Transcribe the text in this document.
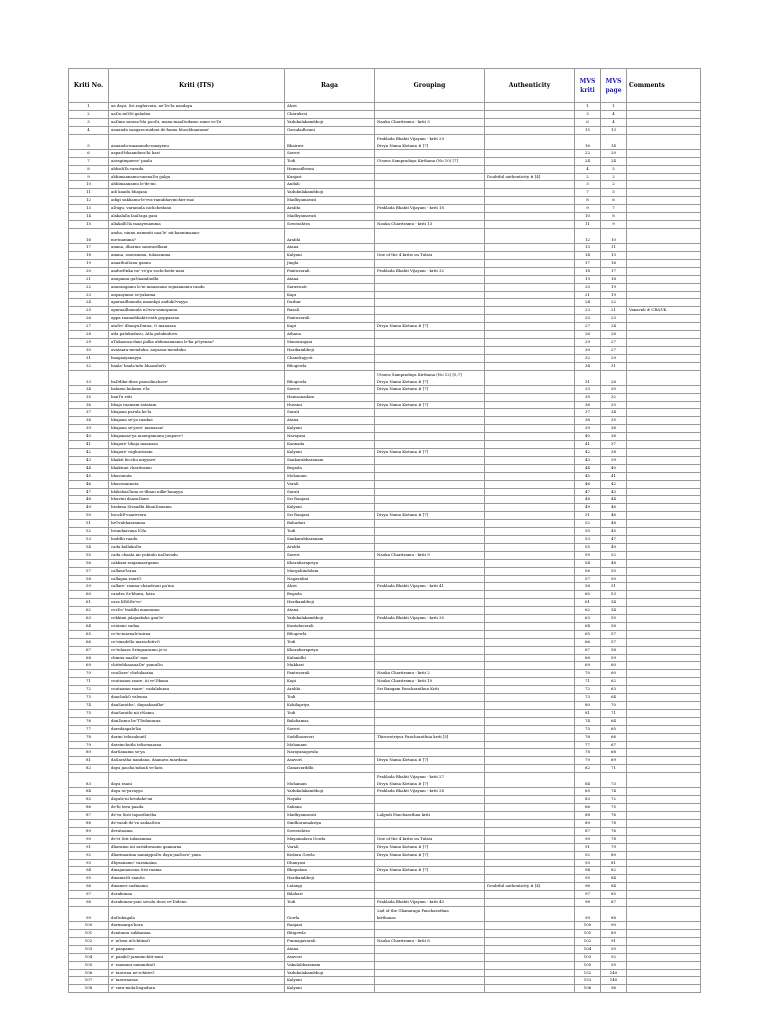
Kriti No.	Kriti (ITS)	Raga	Grouping	Authenticity	MVS kriti	MVS page	Comments
1	aa daya, Sri raghuvara, ne'De'la naadaya	Ahiri			1	1	
2	aaDa mODi galadaa	Charukesi			3	4	
3	aaDina sarasa'Ma pooDi, mana-maaDudamo ramo ve'Di	Yadukulakambhoji	Nauka Charitramu - kriti 3		6	4	
4	aananda saagara-mideni de'hamu bhoobhaarame'	Garudadhvani			15	13	
5	aananda-maanandu-maayenu	Bhairavi	Prahlada Bhakti Vijayam - kriti 29
Divya Nama Kirtana # [7]		16	14	
6	aapad-bhaandava'hi hari	Saveri			22	20	
7	aaragimpavee' paalu	Todi	Utsava Sampradaya Kirthana (No 10) [7]		24	24	
8	abhishTa varada	Hamsadhvani			4	5	
9	abhimaanamu-nnenaDu galgu	Kunjari		Doubtful authenticity # [4]	2	2	
10	abhimaanamu le'de'mi	Andali			3	2	
11	adi kaadu bhajana	Yadukulakambhoji			7	5	
12	adigi sukhamu-le'vva-ranubhavinchiri-raa!	Madhyamavati			8	6	
13	aDugu, varamula nichchedanu	Arabhi	Prahlada Bhakti Vijayam - kriti 18		9	7	
14	alakalalla laaDaga gani	Madhyamavati			10	8	
15	allakallOla maayenamma	Sowrashtra	Nauka Charitramu - kriti 13		11	9	
16	amba, ninnu nammiti naa'le' nii-kannimaana-
me'mamma?	Arabhi			12	10	
17	amma, dharma samvardhani	Atana			13	11	
18	amma, raavamma, tulasamma	Kalyani	One of the 4 kritis on Tulasi		14	13	
19	anaathuDanu gaanu	Jingla			17	16	
20	anduvEnka ne' ve'gu vachchedu-nani	Pantuvarali	Prahlada Bhakti Vijayam - kriti 32		18	17	
21	anupama guNaambudhi	Atana			19	18	
22	anuraagamu le'ni manasuna sujnaanamu raadu	Saraswati			20	19	
23	anyaayamu se'yakuma	Kapi			21	19	
24	aparaadhamula maanhpi aadukOvayya	Darbar			24	22	
25	aparaadhamula nOrva-samayamu	Rasali			23	21	Vanavali # CR&VK
26	appa raamabhakti-enth goppaaraa	Pantuvarali			25	23	
27	ataDe' dhanyuDuraa, O manasaa	Kapi	Divya Nama Kirtana # [7]		27	24	
28	atla palukuduvu, Atla palukuduvu	Athana			26	26	
29	aTukaaraa-dani palka abhimaanamu le'ka pOyenaa?	Manoranjani			29	27	
30	avataara-menduku, aayaasa-menduku	Harikambhoji			30	27	
31	baagaayanayya	Chandrajyoti			32	29	
32	baala' baala'ndu bhaasiluNi	Bilogowla			34	31	
33	baDdika-diira paavalinchave'	Bilogowla	Utsava Sampradaya Kirthana (No 12) [5,7]
Divya Nama Kirtana # [7]		31	28	
34	balamu kulamu e'la	Saveri	Divya Nama Kirtana # [7]		33	30	
35	banTu riiti	Hamsanadam			35	32	
36	bhaja raamam satatam	Hussini	Divya Nama Kirtana # [7]		36	33	
37	bhajana parula ke'la	Surati			37	34	
38	bhajana se'ya raadaa	Atana			38	35	
39	bhajana se'yave' manasaa!	Kalyani			39	36	
40	bhajanase'ya maargamunu juupave'!	Narayani			40	36	
41	bhajare' bhaja maanasa	Kannada			41	37	
42	bhajare' raghuviiram	Kalyani	Divya Nama Kirtana # [7]		42	38	
43	bhakti bicchu miyyave'	Sankarabharanam			43	39	
44	bhaktuni charitramu	Begada			44	40	
45	bhavanuta	Mohanam			45	41	
46	bhavasannuta	Varali			46	42	
47	bhikshaaTana re'dhani nilke'lanayya	Surati			47	43	
48	bhuvini daasuDane	Sri Ranjani			48	44	
49	brahma Sivaadhi khanDanamu	Kalyani			49	46	
50	brochE'vaarevaru	Sri Ranjani	Divya Nama Kirtana # [7]		51	46	
51	brOvabhaaramaa	Bahudari			52	48	
52	brundaavana lOla	Todi			50	45	
53	buddhi raadu	Sankarabharanam			53	47	
54	cada kallakuDu	Arabhi			55	49	
55	cada chaala nii yuktulu naDavadu	Saveri	Nauka Charitramu - kriti 9		59	52	
56	cakkani raajamaargamu	Kharaharapriya			54	48	
57	callane'larua	Margahindolam			56	50	
58	callagaa raariO	Nagavalini			57	50	
59	callare' raama-chandruni pa'ina	Ahiri	Prahlada Bhakti Vijayam - kriti 41		58	51	
60	candra Se'khara, hara	Begada			60	53	
61	cara KRSHe've'	Harikambhoji			61	54	
62	cerDe' buddhi maanumu	Atana			62	54	
63	cekkimi jalajaaksha gan'le'	Yadukulakambhoji	Prahlada Bhakti Vijayam - kriti 35		63	55	
64	centane sadaa	Kuntalavarali			64	56	
65	ce'tu-maraale'miraa	Bilogowla			65	57	
66	ce'sinadella marachitivO	Todi			66	57	
67	ce'tulaara Sringaaramu je'si	Kharaharapriya			67	58	
68	chinna naaDe' naa	Kalanidhi			68	59	
69	chittebhaasaaDe' yamuDu	Mukhari			69	60	
70	cuuDare' chelulaaraa	Pantuvarali	Nauka Charitramu - kriti 2		70	60	
71	cuutaamu raare, iii ve'Dkanu	Kapi	Nauka Charitramu - kriti 10		71	62	
72	cuutaamu raare', vadalaluara	Arabhi	Sri Rangam Pancharathna Kriti		72	63	
73	daachukO valenaa	Todi			73	64	
74	daaSarathe', dayaabaadhe'	Kokilapriya			80	70	
75	daaSarathi nii rNamu	Todi			81	71	
76	danDamu be'TTedanuraa	Balahamsa			74	64	
77	darsdaapale'ka	Saveri			75	65	
78	darini telusukontl	Suddhasaveri	Thiruvotriyur Pancharathna kriti [5]		76	66	
79	darsinchutla telisenaaraa	Mohanam			77	67	
80	darSanamu se'ya	Narayanagowla			78	68	
81	daSaratha nandana, daanava mardana	Asavori	Divya Nama Kirtana # [7]		79	69	
82	daya jaucha'ndauh ve'lara	Gamavarddhi			62	71	
83	daya raani	Mohanam	Prahlada Bhakti Vijayam - kriti 27
Divya Nama Kirtana # [7]		84	73	
84	daya se'yavayya	Yadukulakambhoji	Prahlada Bhakti Vijayam - kriti 28		85	74	
85	dayale'ni brudake'mi	Nayaki			83	72	
86	de'hi tava paada	Sahana			86	75	
87	de'va Sirii tapasthirtha	Madhyamavati	Lalgudi Pancharathna kriti		88	76	
88	de'vaadi de'va sadaaSiva	Sindhuramakriya			89	78	
89	devataama	Sowrashtra			87	76	
90	de'vi Srii tulasamma	Mayamalava Gowla	One of the 4 kritis on Tulasi		90	78	
91	dharamu nii sariiduvaanu gaanaraa	Varali	Divya Nama Kirtana # [7]		91	79	
92	dharmaatma nannippuDu daya-jaaDave' yana	Kedara Gowla	Divya Nama Kirtana # [7]		92	80	
93	dhyaaname' varamaina	Dhanyasi			93	81	
94	dinajanaavana Srii raama	Bhupalam	Divya Nama Kirtana # [7]		94	82	
95	dinamaNi vamSa	Harikambhoji			95	84	
96	dinamer sudinamu	Latangi		Doubtful authenticity # [4]	96	84	
97	dorakunaa	Bilahari			97	85	
98	dorakunaa-yani sevalu dora ve'Didenu	Todi	Prahlada Bhakti Vijayam - kriti 40		98	87	
99	duDukugala	Gowla	2nd of the Ghanaraga Pancharathna
kirthanas		99	88	
100	durmaarga'hara	Ranjani			100	90	
101	dvaitamu sukhamaa	Ritigowla			101	89	
102	e' nOmu nOchitimO	Punnagavarali	Nauka Charitramu - kriti 8		102	91	
103	e' paapamu	Atana			104	93	
104	e' panikO janminchiti-nani	Asavori			103	92	
105	e' raamuni nammitinO	Vakulabharanam			105	95	
106	e' taavuna ne'rchitivO	Yadukulakambhoji			152	140	
107	e' taavunaraa	Kalyani			153	140	
108	e' vara-mulaDugudura	Kalyani			106	96	
